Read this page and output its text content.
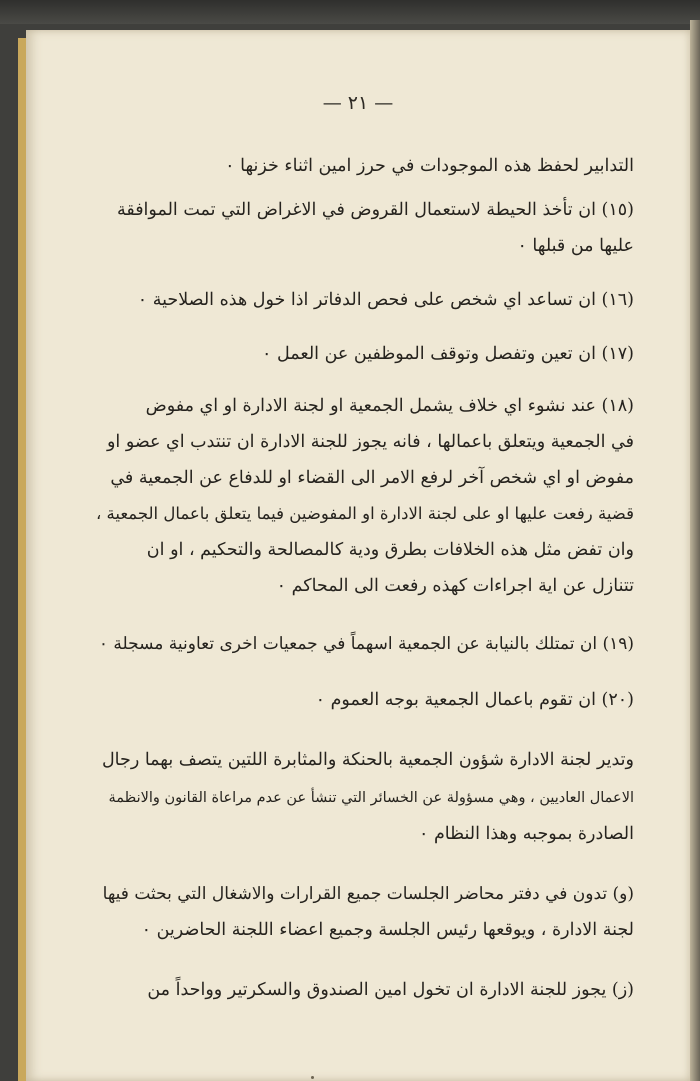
— ٢١ —
التدابير لحفظ هذه الموجودات في حرز امين اثناء خزنها ٠
(١٥) ان تأخذ الحيطة لاستعمال القروض في الاغراض التي تمت الموافقة
عليها من قبلها ٠
(١٦) ان تساعد اي شخص على فحص الدفاتر اذا خول هذه الصلاحية ٠
(١٧) ان تعين وتفصل وتوقف الموظفين عن العمل ٠
(١٨) عند نشوء اي خلاف يشمل الجمعية او لجنة الادارة او اي مفوض
في الجمعية ويتعلق باعمالها ، فانه يجوز للجنة الادارة ان تنتدب اي عضو او
مفوض او اي شخص آخر لرفع الامر الى القضاء او للدفاع عن الجمعية في
قضية رفعت عليها او على لجنة الادارة او المفوضين فيما يتعلق باعمال الجمعية ،
وان تفض مثل هذه الخلافات بطرق ودية كالمصالحة والتحكيم ، او ان
تتنازل عن اية اجراءات كهذه رفعت الى المحاكم ٠
(١٩) ان تمتلك بالنيابة عن الجمعية اسهماً في جمعيات اخرى تعاونية مسجلة ٠
(٢٠) ان تقوم باعمال الجمعية بوجه العموم ٠
وتدير لجنة الادارة شؤون الجمعية بالحنكة والمثابرة اللتين يتصف بهما رجال
الاعمال العاديين ، وهي مسؤولة عن الخسائر التي تنشأ عن عدم مراعاة القانون والانظمة
الصادرة بموجبه وهذا النظام ٠
(و) تدون في دفتر محاضر الجلسات جميع القرارات والاشغال التي بحثت فيها
لجنة الادارة ، ويوقعها رئيس الجلسة وجميع اعضاء اللجنة الحاضرين ٠
(ز) يجوز للجنة الادارة ان تخول امين الصندوق والسكرتير وواحداً من
